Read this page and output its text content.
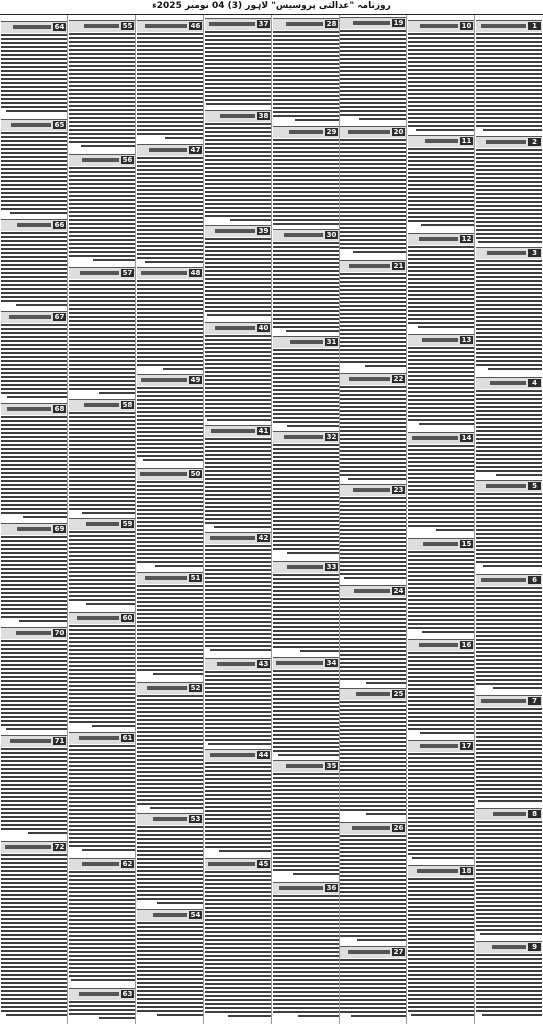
روزنامہ "عدالتی پروسیس" لاہور (3) 04 نومبر 2025ء
1
2
3
4
5
6
7
8
9
10
11
12
13
14
15
16
17
18
19
20
21
22
23
24
25
26
27
28
29
30
31
32
33
34
35
36
37
38
39
40
41
42
43
44
45
46
47
48
49
50
51
52
53
54
55
56
57
58
59
60
61
62
63
64
65
66
67
68
69
70
71
72
